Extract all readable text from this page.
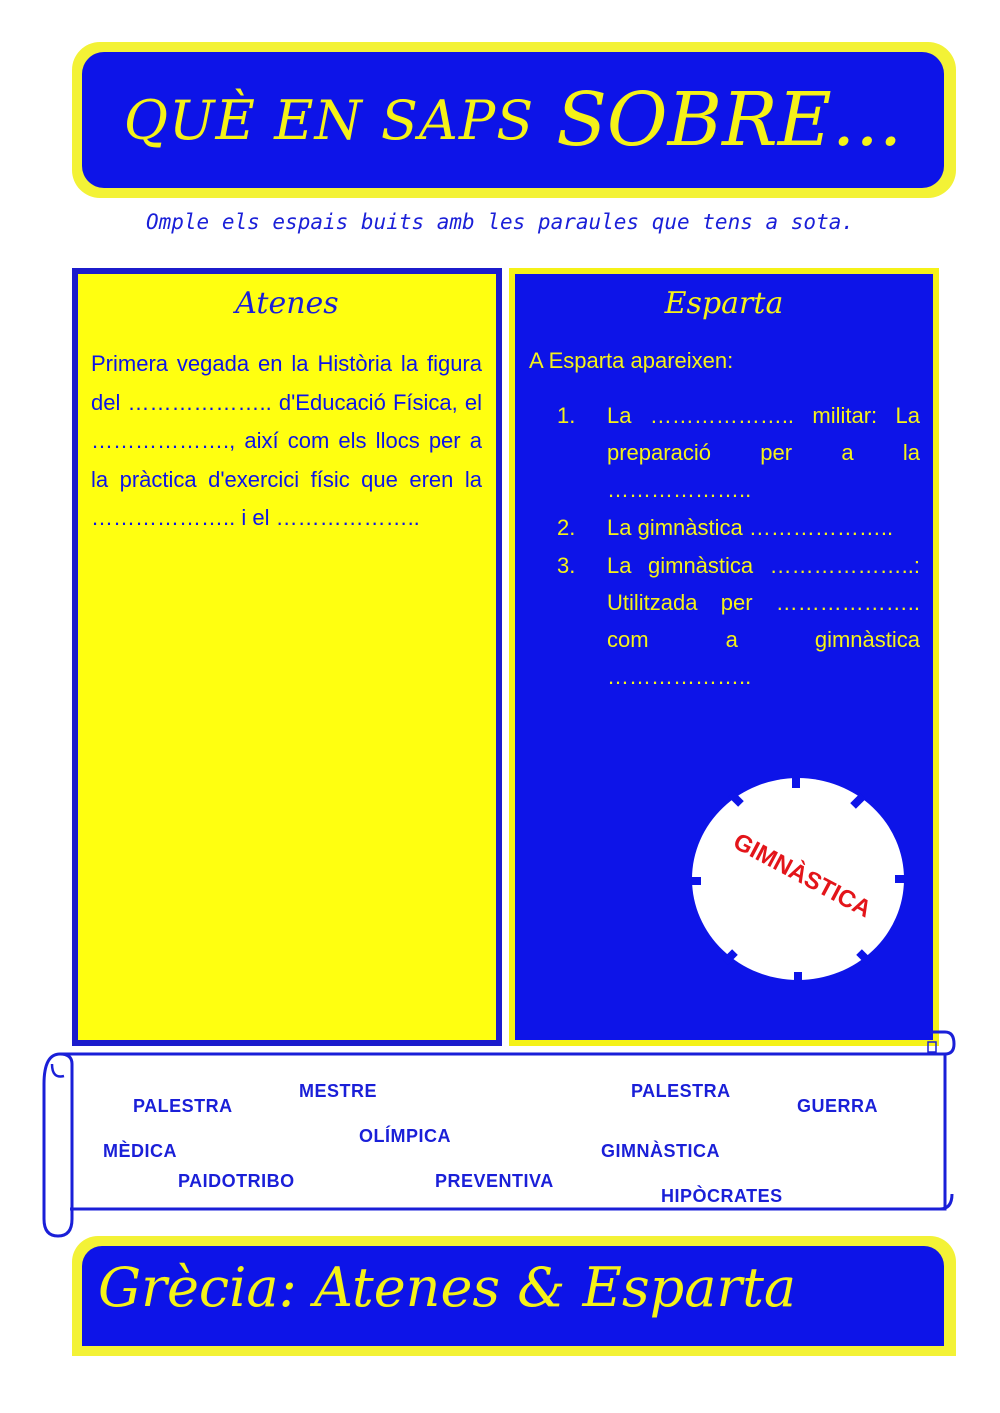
QUÈ EN SAPS SOBRE...
Omple els espais buits amb les paraules que tens a sota.
Atenes
Primera vegada en la Història la figura del ……………….. d'Educació Física, el ………………., així com els llocs per a la pràctica d'exercici físic que eren la ……………….. i el ………………..
Esparta
A Esparta apareixen:
1.	La ……………….. militar: La preparació per a la ………………..
2.	La gimnàstica ………………..
3.	La gimnàstica ………………..: Utilitzada per ……………….. com a gimnàstica ………………..
GIMNÀSTICA
PALESTRA
MESTRE	PALESTRA
GUERRA
MÈDICA
OLÍMPICA
GIMNÀSTICA
PAIDOTRIBO	PREVENTIVA
HIPÒCRATES
Grècia: Atenes & Esparta
